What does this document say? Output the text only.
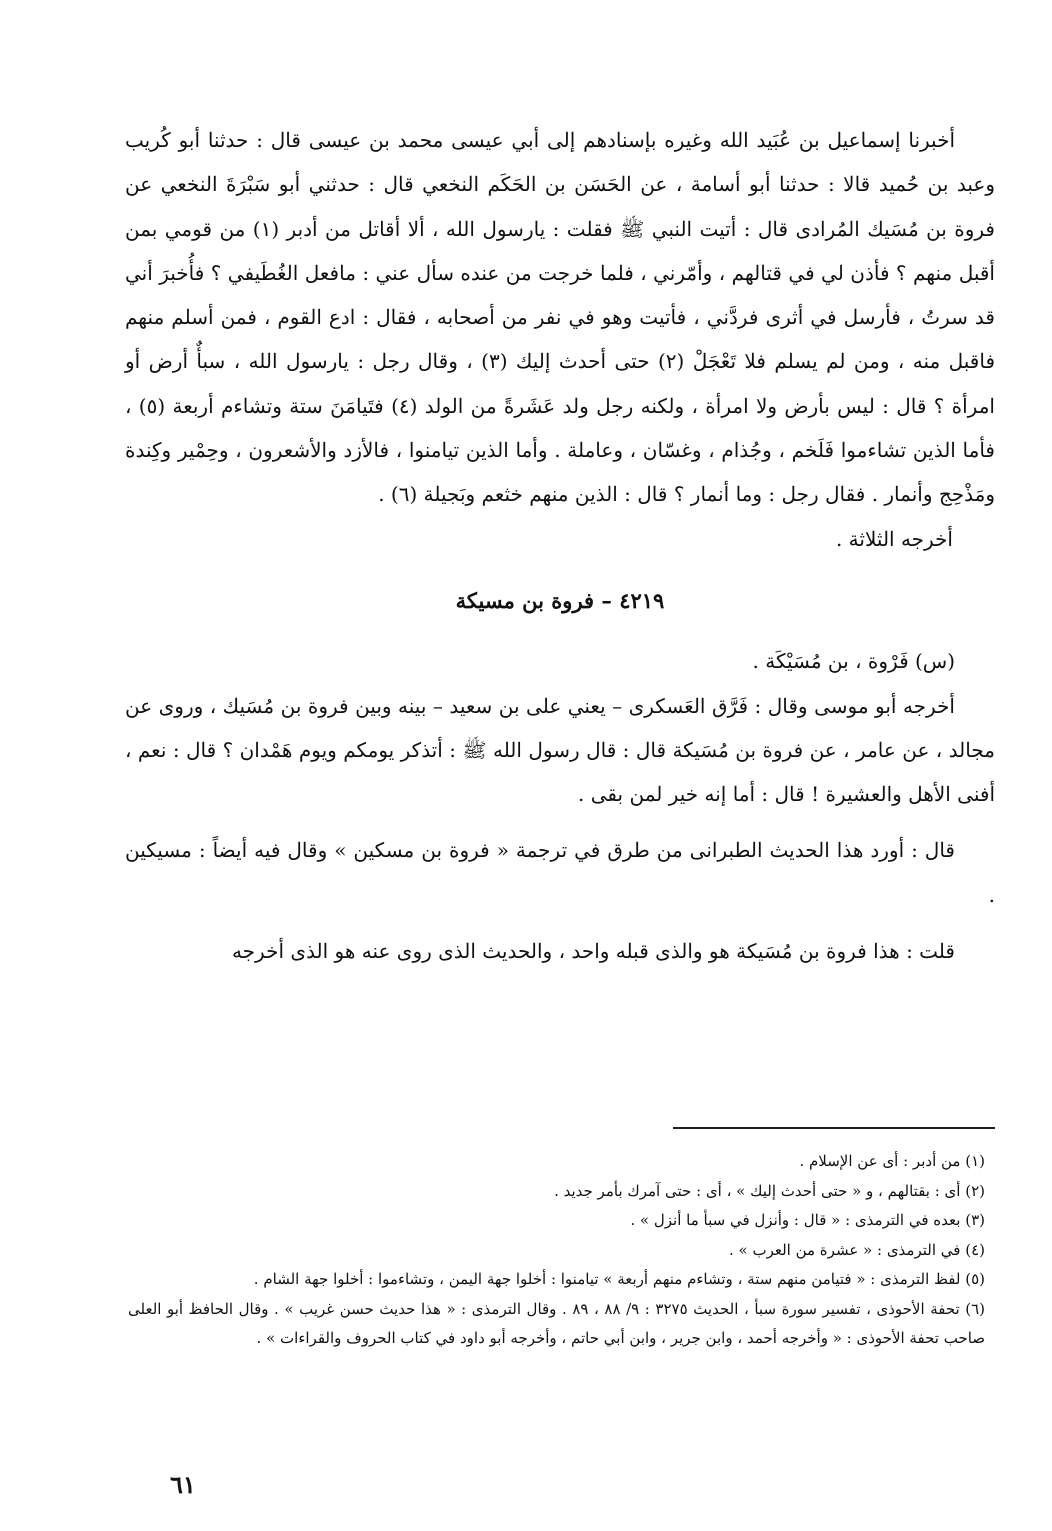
أخبرنا إسماعيل بن عُبَيد الله وغيره بإسنادهم إلى أبي عيسى محمد بن عيسى قال : حدثنا أبو كُريب وعبد بن حُميد قالا : حدثنا أبو أسامة ، عن الحَسَن بن الحَكَم النخعي قال : حدثني أبو سَبْرَةَ النخعي عن فروة بن مُسَيك المُرادى قال : أتيت النبي ﷺ فقلت : يارسول الله ، ألا أقاتل من أدبر (١) من قومي بمن أقبل منهم ؟ فأذن لي في قتالهم ، وأمّرني ، فلما خرجت من عنده سأل عني : مافعل الغُطَيفي ؟ فأُخبرَ أني قد سرتُ ، فأرسل في أثرى فردَّني ، فأتيت وهو في نفر من أصحابه ، فقال : ادع القوم ، فمن أسلم منهم فاقبل منه ، ومن لم يسلم فلا تَعْجَلْ (٢) حتى أحدث إليك (٣) ، وقال رجل : يارسول الله ، سبأٌ أرض أو امرأة ؟ قال : ليس بأرض ولا امرأة ، ولكنه رجل ولد عَشَرةً من الولد (٤) فتَيامَنَ ستة وتشاءم أربعة (٥) ، فأما الذين تشاءموا فَلَخم ، وجُذام ، وغسّان ، وعاملة . وأما الذين تيامنوا ، فالأزد والأشعرون ، وحِمْير وكِندة ومَذْحِج وأنمار . فقال رجل : وما أنمار ؟ قال : الذين منهم خثعم وبَجيلة (٦) .

أخرجه الثلاثة .

٤٢١٩ – فروة بن مسيكة

(س) فَرْوة ، بن مُسَيْكَة .

أخرجه أبو موسى وقال : فَرَّق العَسكرى – يعني على بن سعيد – بينه وبين فروة بن مُسَيك ، وروى عن مجالد ، عن عامر ، عن فروة بن مُسَيكة قال : قال رسول الله ﷺ : أتذكر يومكم ويوم هَمْدان ؟ قال : نعم ، أفنى الأهل والعشيرة ! قال : أما إنه خير لمن بقى .

قال : أورد هذا الحديث الطبرانى من طرق في ترجمة « فروة بن مسكين » وقال فيه أيضاً : مسيكين .

قلت : هذا فروة بن مُسَيكة هو والذى قبله واحد ، والحديث الذى روى عنه هو الذى أخرجه

(١) من أدبر : أى عن الإسلام .

(٢) أى : بقتالهم ، و « حتى أحدث إليك » ، أى : حتى آمرك بأمر جديد .

(٣) بعده في الترمذى : « قال : وأنزل في سبأ ما أنزل » .

(٤) في الترمذى : « عشرة من العرب » .

(٥) لفظ الترمذى : « فتيامن منهم ستة ، وتشاءم منهم أربعة » تيامنوا : أخلوا جهة اليمن ، وتشاءموا : أخلوا جهة الشام .

(٦) تحفة الأحوذى ، تفسير سورة سبأ ، الحديث ٣٢٧٥ : ٩/ ٨٨ ، ٨٩ . وقال الترمذى : « هذا حديث حسن غريب » . وقال الحافظ أبو العلى صاحب تحفة الأحوذى : « وأخرجه أحمد ، وابن جرير ، وابن أبي حاتم ، وأخرجه أبو داود في كتاب الحروف والقراءات » .

٦١
